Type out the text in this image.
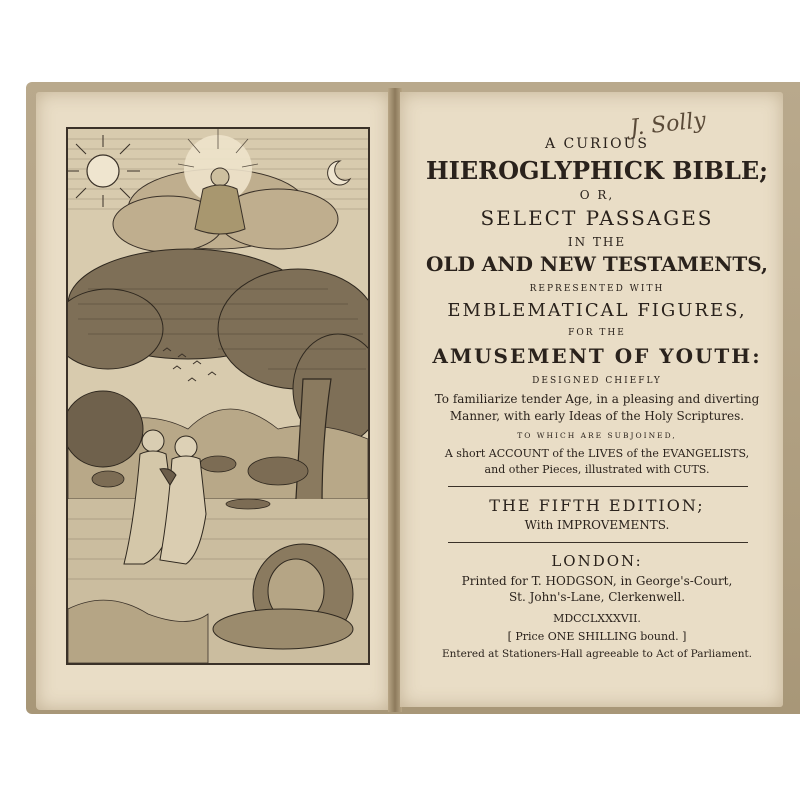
J. Solly
A CURIOUS
HIEROGLYPHICK BIBLE;
O R,
SELECT PASSAGES
IN THE
OLD AND NEW TESTAMENTS,
REPRESENTED WITH
EMBLEMATICAL FIGURES,
FOR THE
AMUSEMENT OF YOUTH:
DESIGNED CHIEFLY
To familiarize tender Age, in a pleasing and diverting
Manner, with early Ideas of the Holy Scriptures.
TO WHICH ARE SUBJOINED,
A short ACCOUNT of the LIVES of the EVANGELISTS,
and other Pieces, illustrated with CUTS.
THE FIFTH EDITION;
With IMPROVEMENTS.
LONDON:
Printed for T. HODGSON, in George's-Court,
St. John's-Lane, Clerkenwell.
MDCCLXXXVII.
[ Price ONE SHILLING bound. ]
Entered at Stationers-Hall agreeable to Act of Parliament.
